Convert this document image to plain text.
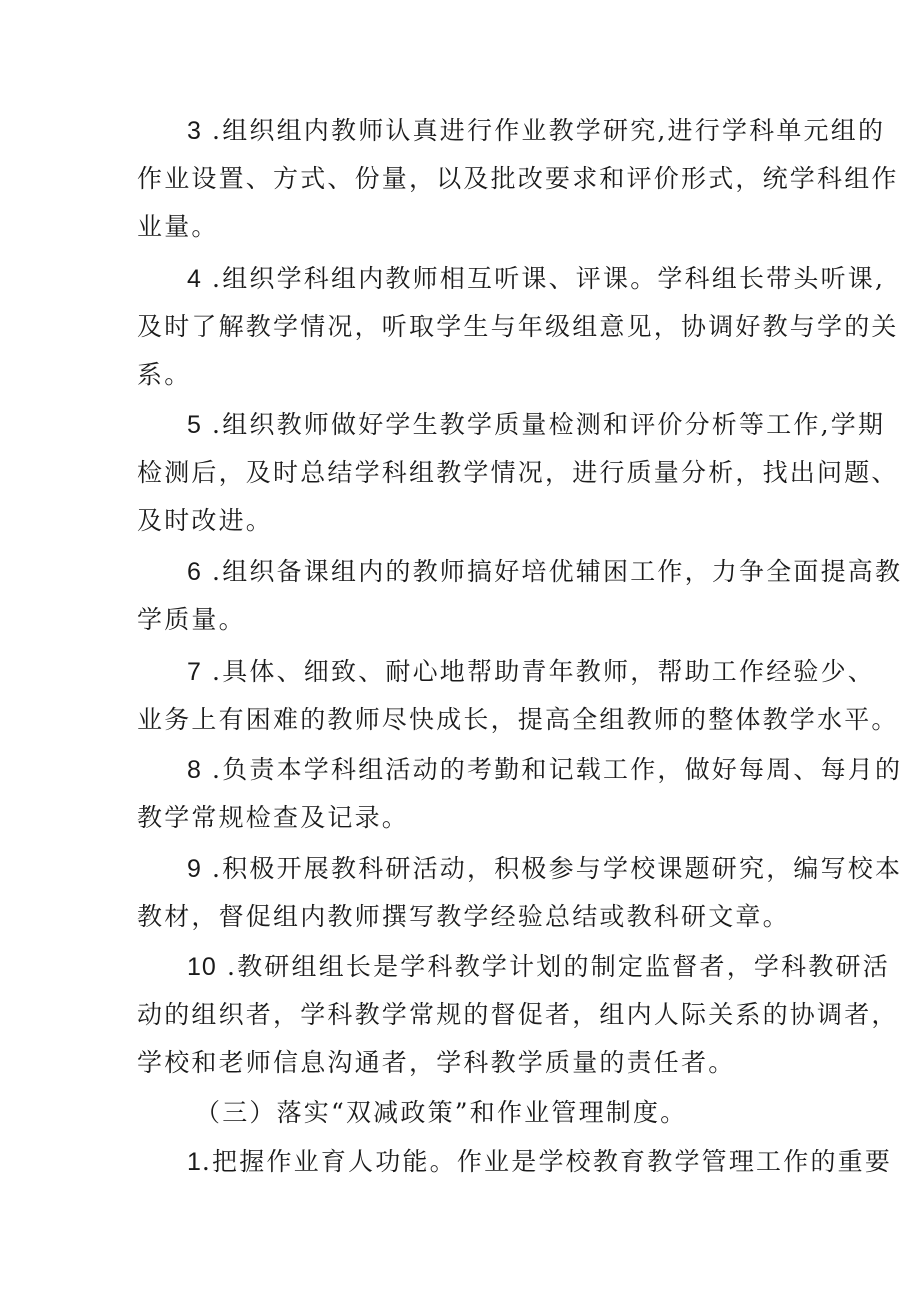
3 .组织组内教师认真进行作业教学研究,进行学科单元组的
作业设置、方式、份量，以及批改要求和评价形式，统学科组作
业量。
4 .组织学科组内教师相互听课、评课。学科组长带头听课,
及时了解教学情况，听取学生与年级组意见，协调好教与学的关
系。
5 .组织教师做好学生教学质量检测和评价分析等工作,学期
检测后，及时总结学科组教学情况，进行质量分析，找出问题、
及时改进。
6 .组织备课组内的教师搞好培优辅困工作，力争全面提高教
学质量。
7 .具体、细致、耐心地帮助青年教师，帮助工作经验少、
业务上有困难的教师尽快成长，提高全组教师的整体教学水平。
8 .负责本学科组活动的考勤和记载工作，做好每周、每月的
教学常规检查及记录。
9 .积极开展教科研活动，积极参与学校课题研究，编写校本
教材，督促组内教师撰写教学经验总结或教科研文章。
10 .教研组组长是学科教学计划的制定监督者，学科教研活
动的组织者，学科教学常规的督促者，组内人际关系的协调者，
学校和老师信息沟通者，学科教学质量的责任者。
（三）落实“双减政策”和作业管理制度。
1.把握作业育人功能。作业是学校教育教学管理工作的重要
